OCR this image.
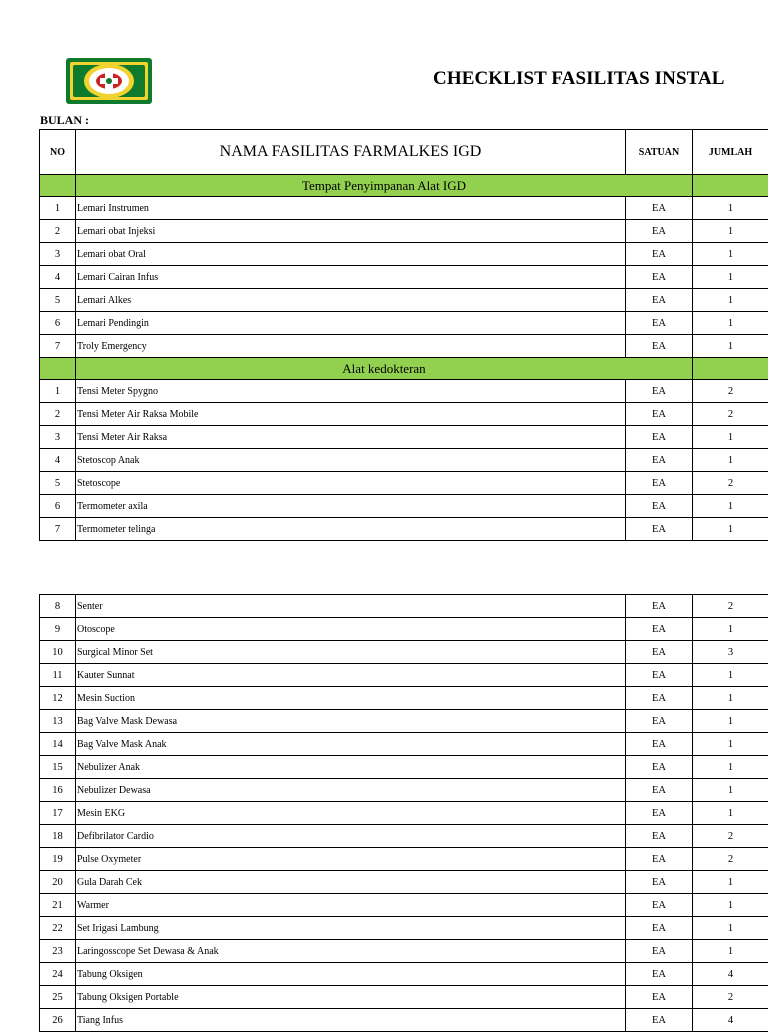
CHECKLIST FASILITAS INSTAL
BULAN :
NO	NAMA FASILITAS FARMALKES IGD	SATUAN	JUMLAH
	Tempat Penyimpanan Alat IGD		
1	Lemari Instrumen	EA	1
2	Lemari obat Injeksi	EA	1
3	Lemari obat Oral	EA	1
4	Lemari Cairan Infus	EA	1
5	Lemari Alkes	EA	1
6	Lemari Pendingin	EA	1
7	Troly Emergency	EA	1
	Alat kedokteran		
1	Tensi Meter Spygno	EA	2
2	Tensi Meter Air Raksa Mobile	EA	2
3	Tensi Meter Air Raksa	EA	1
4	Stetoscop Anak	EA	1
5	Stetoscope	EA	2
6	Termometer axila	EA	1
7	Termometer telinga	EA	1
8	Senter	EA	2
9	Otoscope	EA	1
10	Surgical Minor Set	EA	3
11	Kauter Sunnat	EA	1
12	Mesin Suction	EA	1
13	Bag Valve Mask Dewasa	EA	1
14	Bag Valve Mask Anak	EA	1
15	Nebulizer Anak	EA	1
16	Nebulizer Dewasa	EA	1
17	Mesin EKG	EA	1
18	Defibrilator Cardio	EA	2
19	Pulse Oxymeter	EA	2
20	Gula Darah Cek	EA	1
21	Warmer	EA	1
22	Set Irigasi Lambung	EA	1
23	Laringosscope Set Dewasa & Anak	EA	1
24	Tabung Oksigen	EA	4
25	Tabung Oksigen Portable	EA	2
26	Tiang Infus	EA	4
